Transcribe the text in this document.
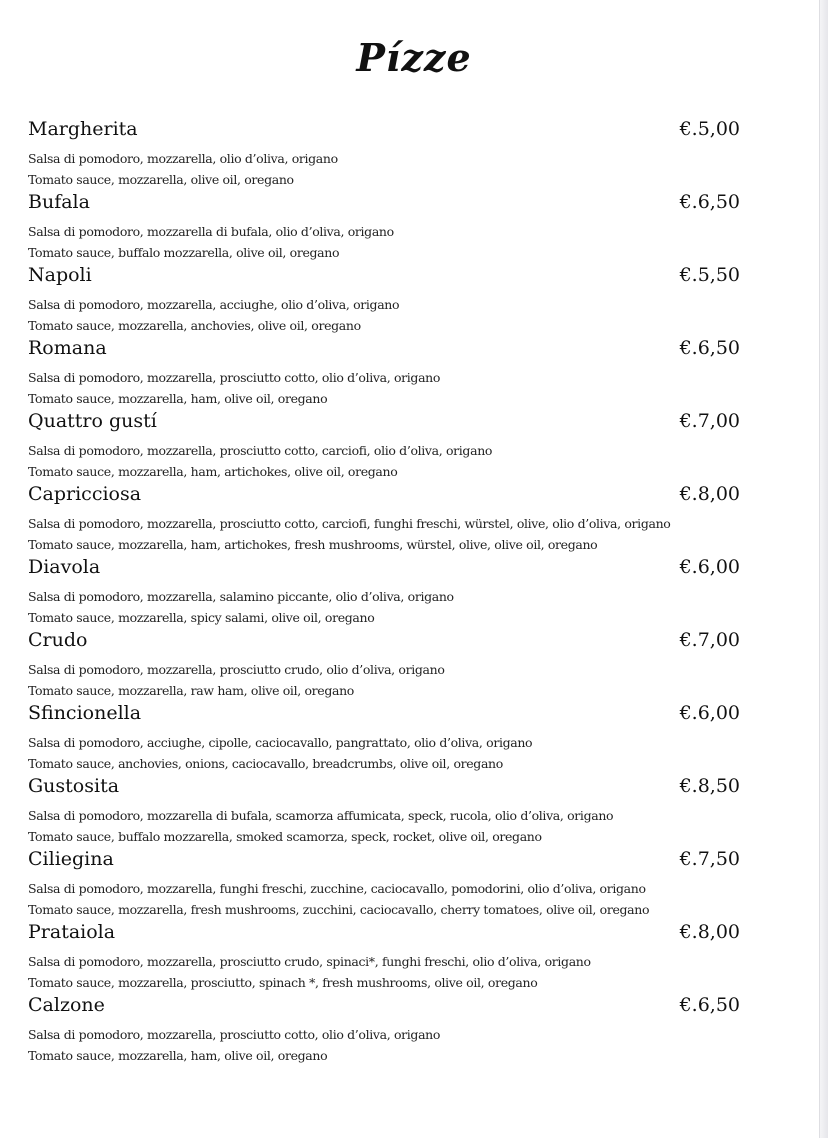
Pízze
Margherita	€.5,00
Salsa di pomodoro, mozzarella, olio d’oliva, origano
Tomato sauce, mozzarella, olive oil, oregano
Bufala	€.6,50
Salsa di pomodoro, mozzarella di bufala, olio d’oliva, origano
Tomato sauce, buffalo mozzarella, olive oil, oregano
Napoli	€.5,50
Salsa di pomodoro, mozzarella, acciughe, olio d’oliva, origano
Tomato sauce, mozzarella, anchovies, olive oil, oregano
Romana	€.6,50
Salsa di pomodoro, mozzarella, prosciutto cotto, olio d’oliva, origano
Tomato sauce, mozzarella, ham, olive oil, oregano
Quattro gustí	€.7,00
Salsa di pomodoro, mozzarella, prosciutto cotto, carciofi, olio d’oliva, origano
Tomato sauce, mozzarella, ham, artichokes, olive oil, oregano
Capricciosa	€.8,00
Salsa di pomodoro, mozzarella, prosciutto cotto, carciofi, funghi freschi, würstel, olive, olio d’oliva, origano
Tomato sauce, mozzarella, ham, artichokes, fresh mushrooms, würstel, olive, olive oil, oregano
Diavola	€.6,00
Salsa di pomodoro, mozzarella, salamino piccante, olio d’oliva, origano
Tomato sauce, mozzarella, spicy salami, olive oil, oregano
Crudo	€.7,00
Salsa di pomodoro, mozzarella, prosciutto crudo, olio d’oliva, origano
Tomato sauce, mozzarella, raw ham, olive oil, oregano
Sfincionella	€.6,00
Salsa di pomodoro, acciughe, cipolle, caciocavallo, pangrattato, olio d’oliva, origano
Tomato sauce, anchovies, onions, caciocavallo, breadcrumbs, olive oil, oregano
Gustosita	€.8,50
Salsa di pomodoro, mozzarella di bufala, scamorza affumicata, speck, rucola, olio d’oliva, origano
Tomato sauce, buffalo mozzarella, smoked scamorza, speck, rocket, olive oil, oregano
Ciliegina	€.7,50
Salsa di pomodoro, mozzarella, funghi freschi, zucchine, caciocavallo, pomodorini, olio d’oliva, origano
Tomato sauce, mozzarella, fresh mushrooms, zucchini, caciocavallo, cherry tomatoes, olive oil, oregano
Prataiola	€.8,00
Salsa di pomodoro, mozzarella, prosciutto crudo, spinaci*, funghi freschi, olio d’oliva, origano
Tomato sauce, mozzarella, prosciutto, spinach *, fresh mushrooms, olive oil, oregano
Calzone	€.6,50
Salsa di pomodoro, mozzarella, prosciutto cotto, olio d’oliva, origano
Tomato sauce, mozzarella, ham, olive oil, oregano
